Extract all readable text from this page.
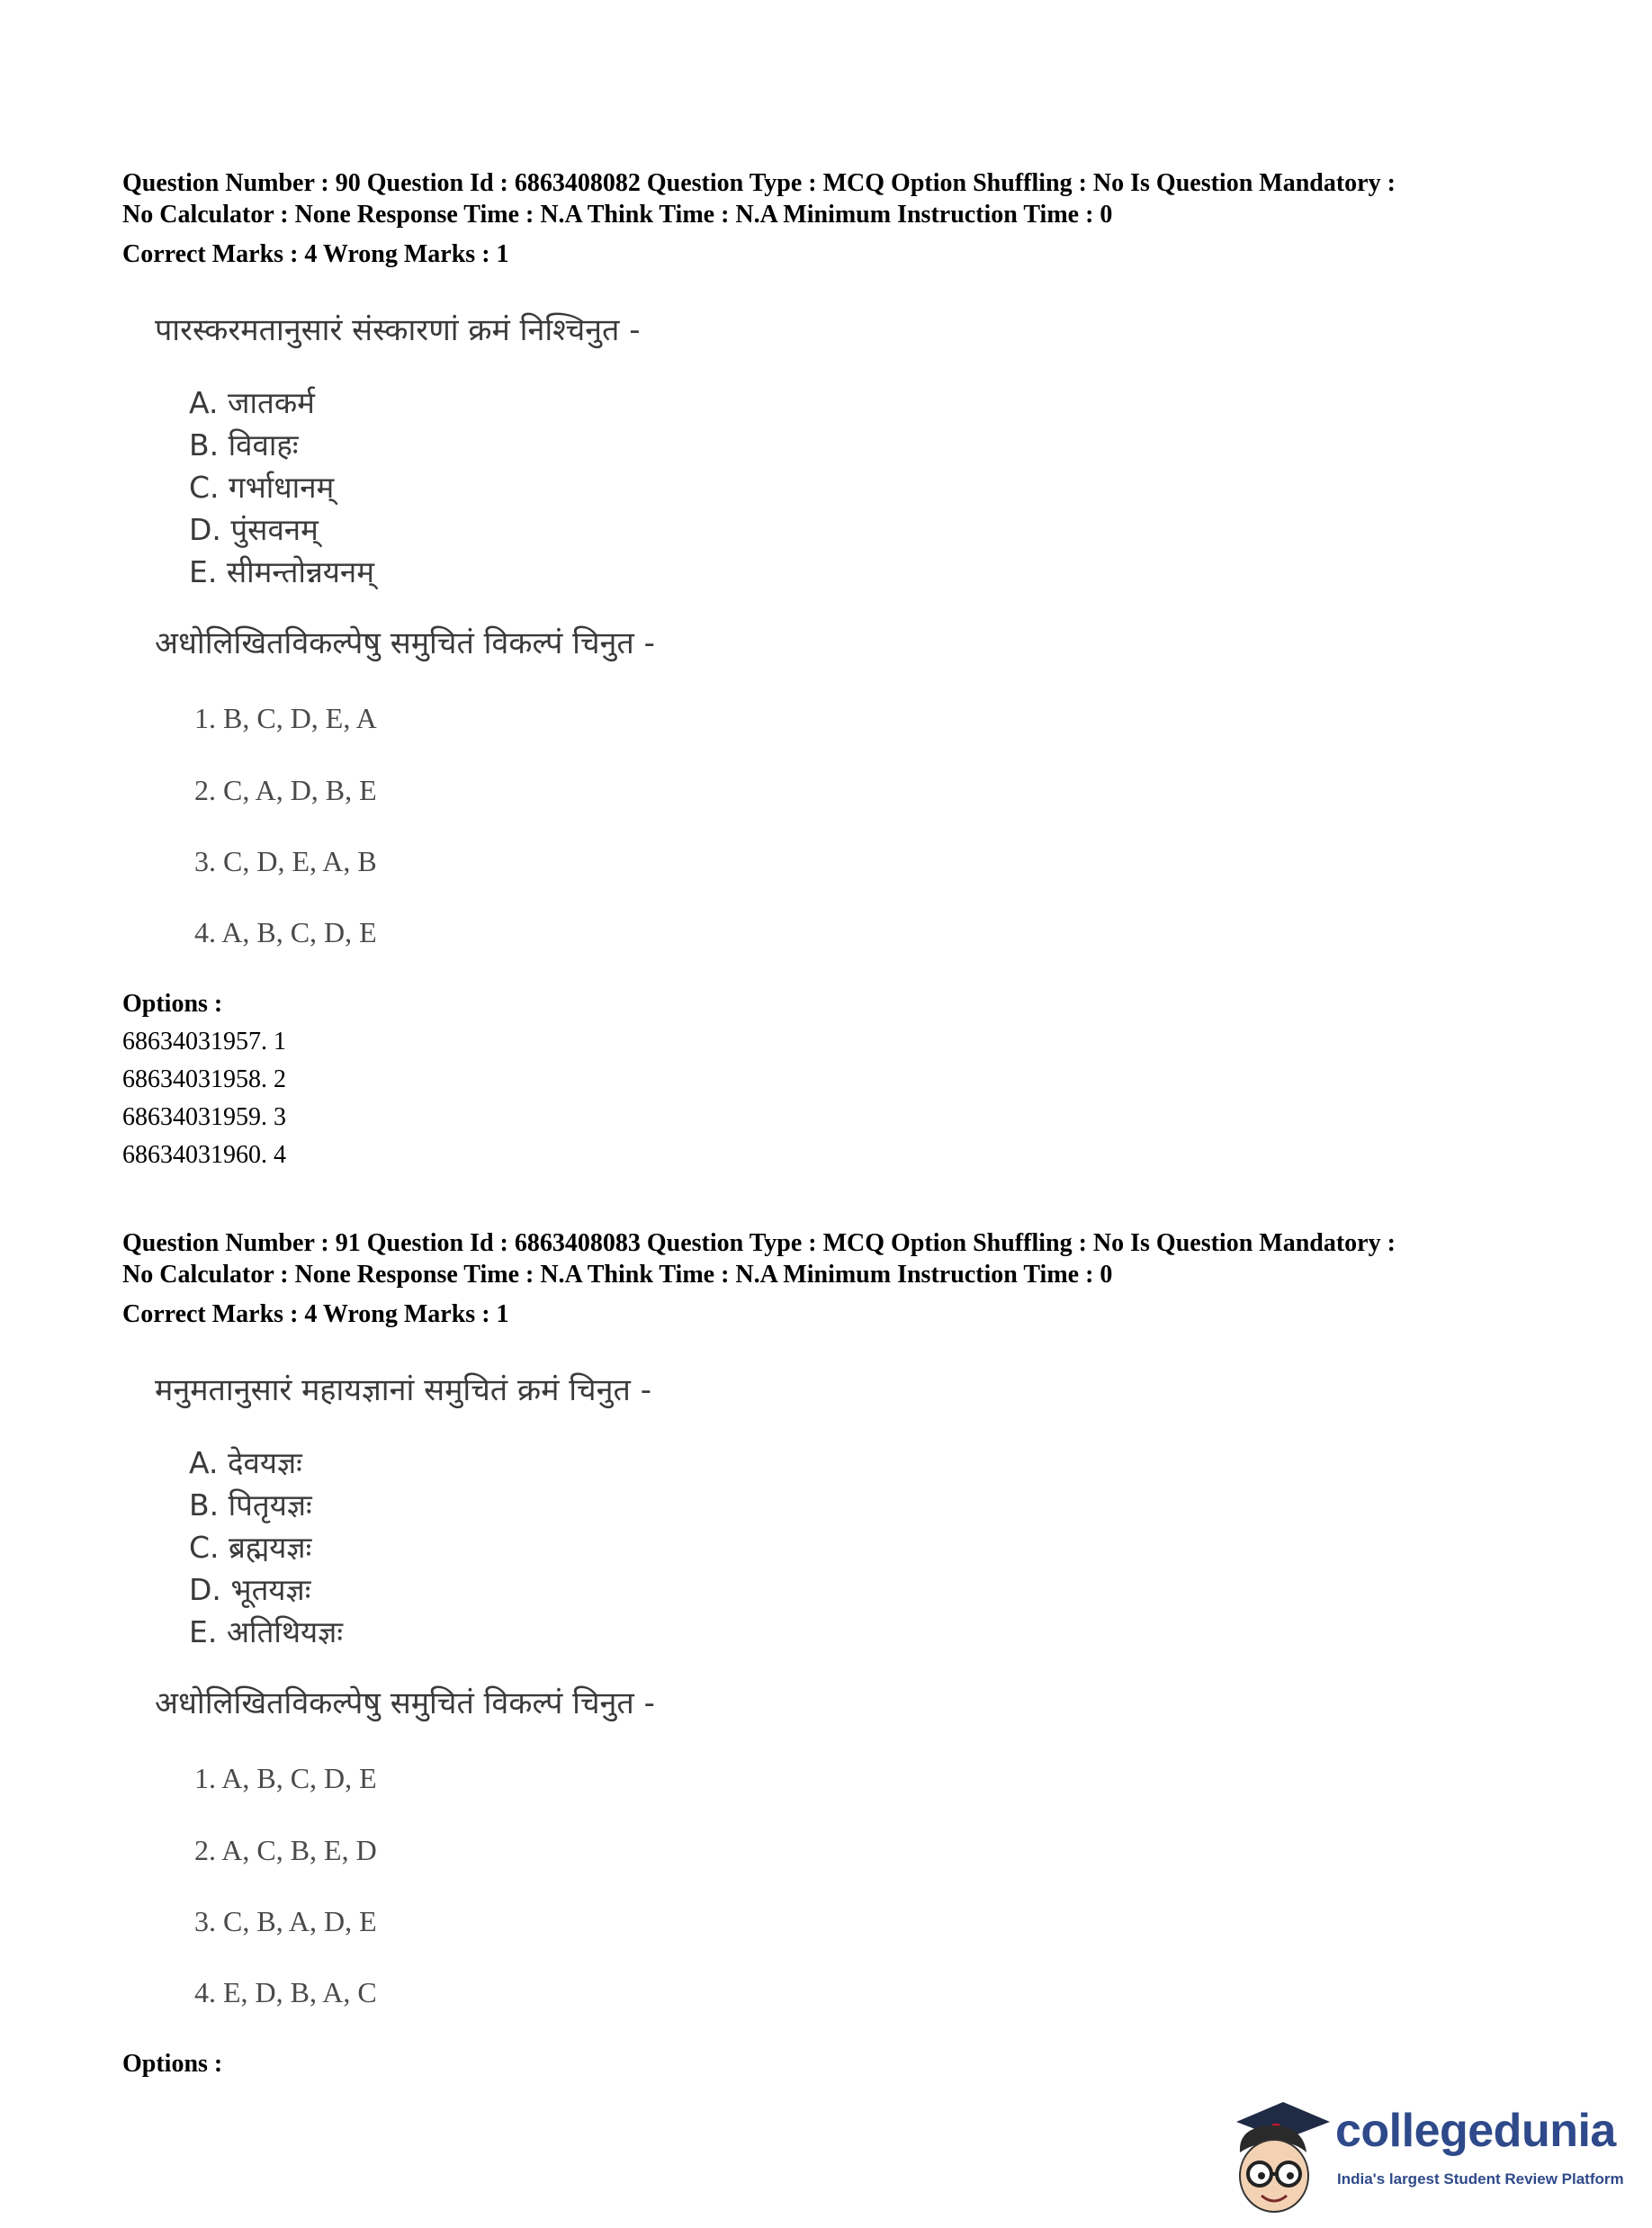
Question Number : 90 Question Id : 6863408082 Question Type : MCQ Option Shuffling : No Is Question Mandatory :
No Calculator : None Response Time : N.A Think Time : N.A Minimum Instruction Time : 0
Correct Marks : 4 Wrong Marks : 1
पारस्करमतानुसारं संस्कारणां क्रमं निश्चिनुत -
A. जातकर्म
B. विवाहः
C. गर्भाधानम्
D. पुंसवनम्
E. सीमन्तोन्नयनम्
अधोलिखितविकल्पेषु समुचितं विकल्पं चिनुत -
1. B, C, D, E, A
2. C, A, D, B, E
3. C, D, E, A, B
4. A, B, C, D, E
Options :
68634031957. 1
68634031958. 2
68634031959. 3
68634031960. 4
Question Number : 91 Question Id : 6863408083 Question Type : MCQ Option Shuffling : No Is Question Mandatory :
No Calculator : None Response Time : N.A Think Time : N.A Minimum Instruction Time : 0
Correct Marks : 4 Wrong Marks : 1
मनुमतानुसारं महायज्ञानां समुचितं क्रमं चिनुत -
A. देवयज्ञः
B. पितृयज्ञः
C. ब्रह्मयज्ञः
D. भूतयज्ञः
E. अतिथियज्ञः
अधोलिखितविकल्पेषु समुचितं विकल्पं चिनुत -
1. A, B, C, D, E
2. A, C, B, E, D
3. C, B, A, D, E
4. E, D, B, A, C
Options :
collegedunia
India's largest Student Review Platform
